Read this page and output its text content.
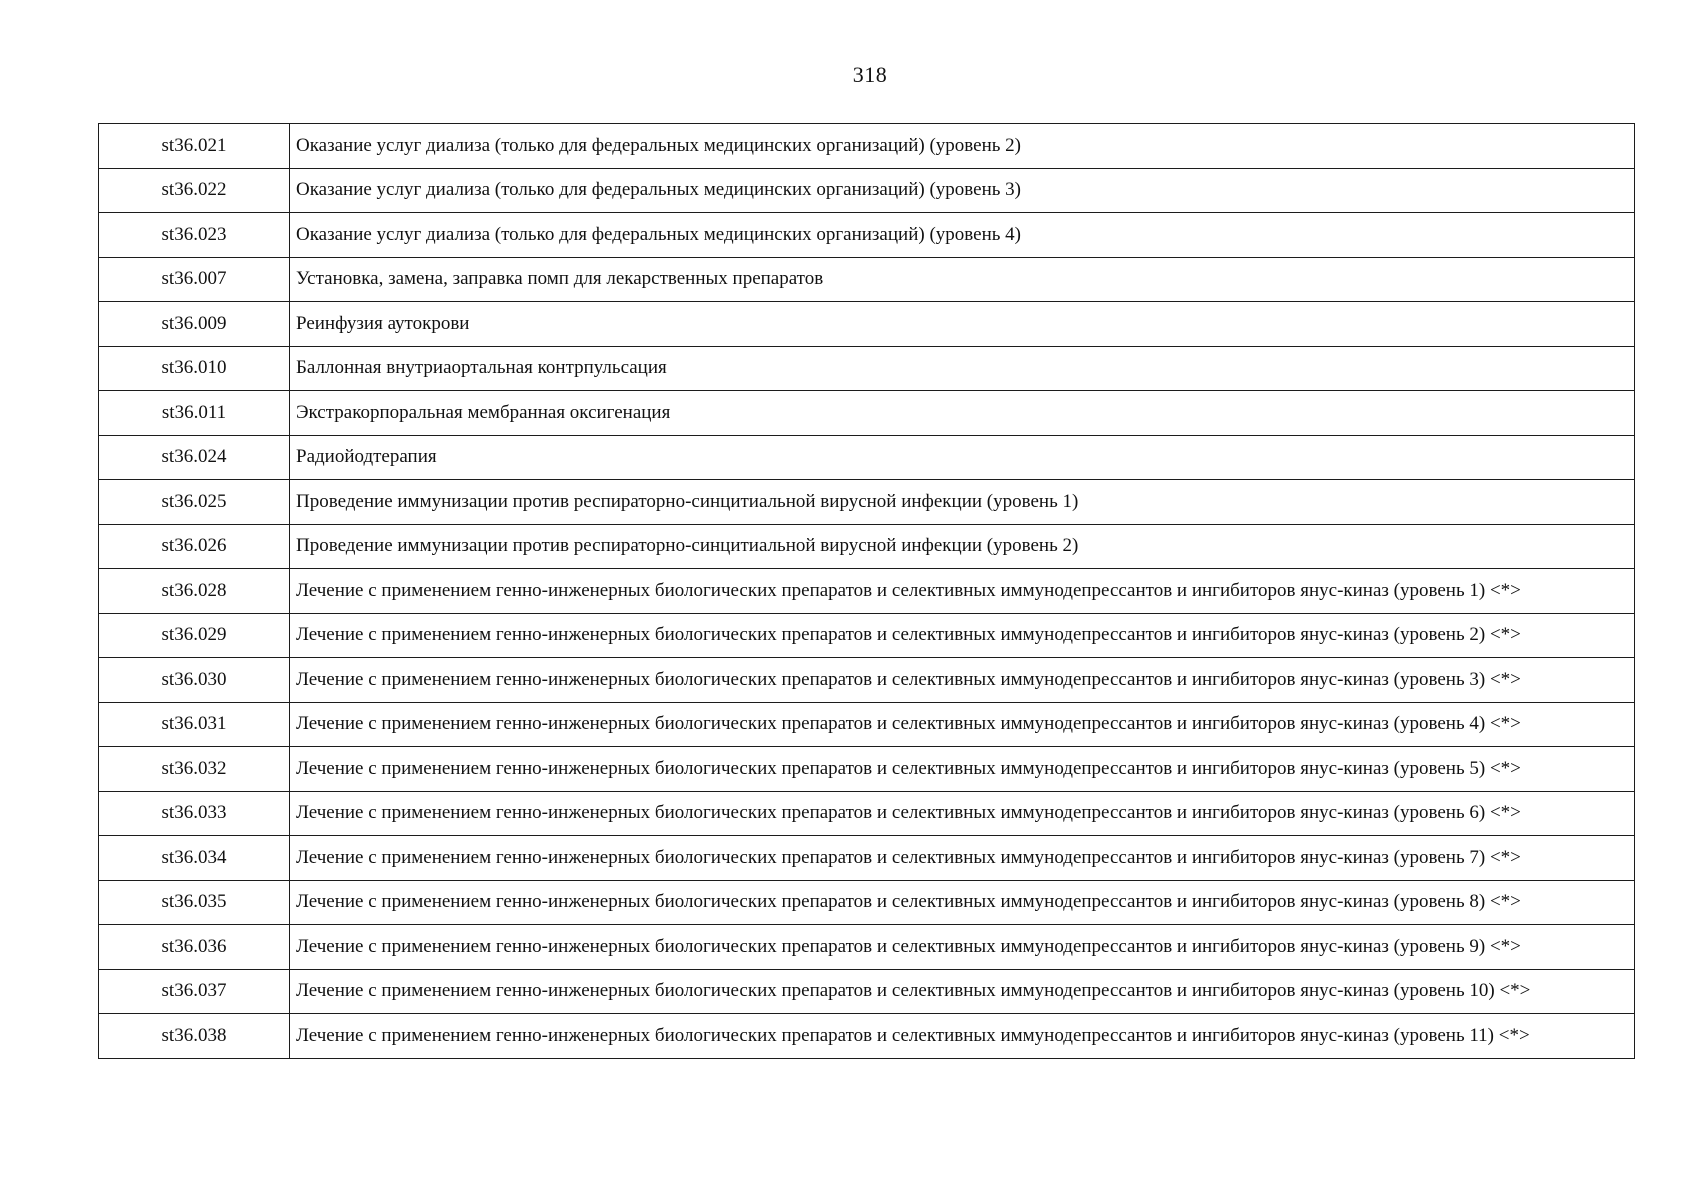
318
st36.021	Оказание услуг диализа (только для федеральных медицинских организаций) (уровень 2)
st36.022	Оказание услуг диализа (только для федеральных медицинских организаций) (уровень 3)
st36.023	Оказание услуг диализа (только для федеральных медицинских организаций) (уровень 4)
st36.007	Установка, замена, заправка помп для лекарственных препаратов
st36.009	Реинфузия аутокрови
st36.010	Баллонная внутриаортальная контрпульсация
st36.011	Экстракорпоральная мембранная оксигенация
st36.024	Радиойодтерапия
st36.025	Проведение иммунизации против респираторно-синцитиальной вирусной инфекции (уровень 1)
st36.026	Проведение иммунизации против респираторно-синцитиальной вирусной инфекции (уровень 2)
st36.028	Лечение с применением генно-инженерных биологических препаратов и селективных иммунодепрессантов и ингибиторов янус-киназ (уровень 1) <*>
st36.029	Лечение с применением генно-инженерных биологических препаратов и селективных иммунодепрессантов и ингибиторов янус-киназ (уровень 2) <*>
st36.030	Лечение с применением генно-инженерных биологических препаратов и селективных иммунодепрессантов и ингибиторов янус-киназ (уровень 3) <*>
st36.031	Лечение с применением генно-инженерных биологических препаратов и селективных иммунодепрессантов и ингибиторов янус-киназ (уровень 4) <*>
st36.032	Лечение с применением генно-инженерных биологических препаратов и селективных иммунодепрессантов и ингибиторов янус-киназ (уровень 5) <*>
st36.033	Лечение с применением генно-инженерных биологических препаратов и селективных иммунодепрессантов и ингибиторов янус-киназ (уровень 6) <*>
st36.034	Лечение с применением генно-инженерных биологических препаратов и селективных иммунодепрессантов и ингибиторов янус-киназ (уровень 7) <*>
st36.035	Лечение с применением генно-инженерных биологических препаратов и селективных иммунодепрессантов и ингибиторов янус-киназ (уровень 8) <*>
st36.036	Лечение с применением генно-инженерных биологических препаратов и селективных иммунодепрессантов и ингибиторов янус-киназ (уровень 9) <*>
st36.037	Лечение с применением генно-инженерных биологических препаратов и селективных иммунодепрессантов и ингибиторов янус-киназ (уровень 10) <*>
st36.038	Лечение с применением генно-инженерных биологических препаратов и селективных иммунодепрессантов и ингибиторов янус-киназ (уровень 11) <*>
